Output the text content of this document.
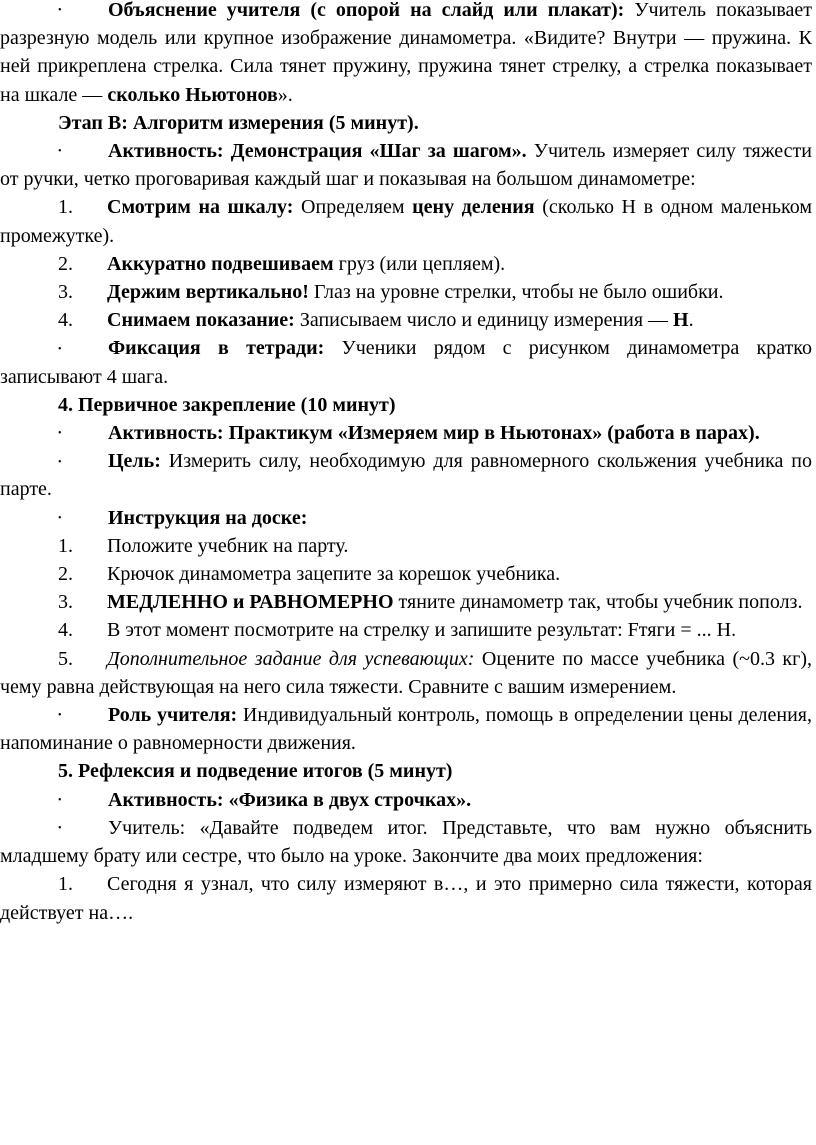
• Объяснение учителя (с опорой на слайд или плакат): Учитель показывает разрезную модель или крупное изображение динамометра. «Видите? Внутри — пружина. К ней прикреплена стрелка. Сила тянет пружину, пружина тянет стрелку, а стрелка показывает на шкале — сколько Ньютонов».

Этап В: Алгоритм измерения (5 минут).

• Активность: Демонстрация «Шаг за шагом». Учитель измеряет силу тяжести от ручки, четко проговаривая каждый шаг и показывая на большом динамометре:

1. Смотрим на шкалу: Определяем цену деления (сколько Н в одном маленьком промежутке).

2. Аккуратно подвешиваем груз (или цепляем).

3. Держим вертикально! Глаз на уровне стрелки, чтобы не было ошибки.

4. Снимаем показание: Записываем число и единицу измерения — Н.

• Фиксация в тетради: Ученики рядом с рисунком динамометра кратко записывают 4 шага.

4. Первичное закрепление (10 минут)

• Активность: Практикум «Измеряем мир в Ньютонах» (работа в парах).

• Цель: Измерить силу, необходимую для равномерного скольжения учебника по парте.

• Инструкция на доске:

1. Положите учебник на парту.

2. Крючок динамометра зацепите за корешок учебника.

3. МЕДЛЕННО и РАВНОМЕРНО тяните динамометр так, чтобы учебник пополз.

4. В этот момент посмотрите на стрелку и запишите результат: Fтяги = ... Н.

5. Дополнительное задание для успевающих: Оцените по массе учебника (~0.3 кг), чему равна действующая на него сила тяжести. Сравните с вашим измерением.

• Роль учителя: Индивидуальный контроль, помощь в определении цены деления, напоминание о равномерности движения.

5. Рефлексия и подведение итогов (5 минут)

• Активность: «Физика в двух строчках».

• Учитель: «Давайте подведем итог. Представьте, что вам нужно объяснить младшему брату или сестре, что было на уроке. Закончите два моих предложения:

1. Сегодня я узнал, что силу измеряют в…, и это примерно сила тяжести, которая действует на….
